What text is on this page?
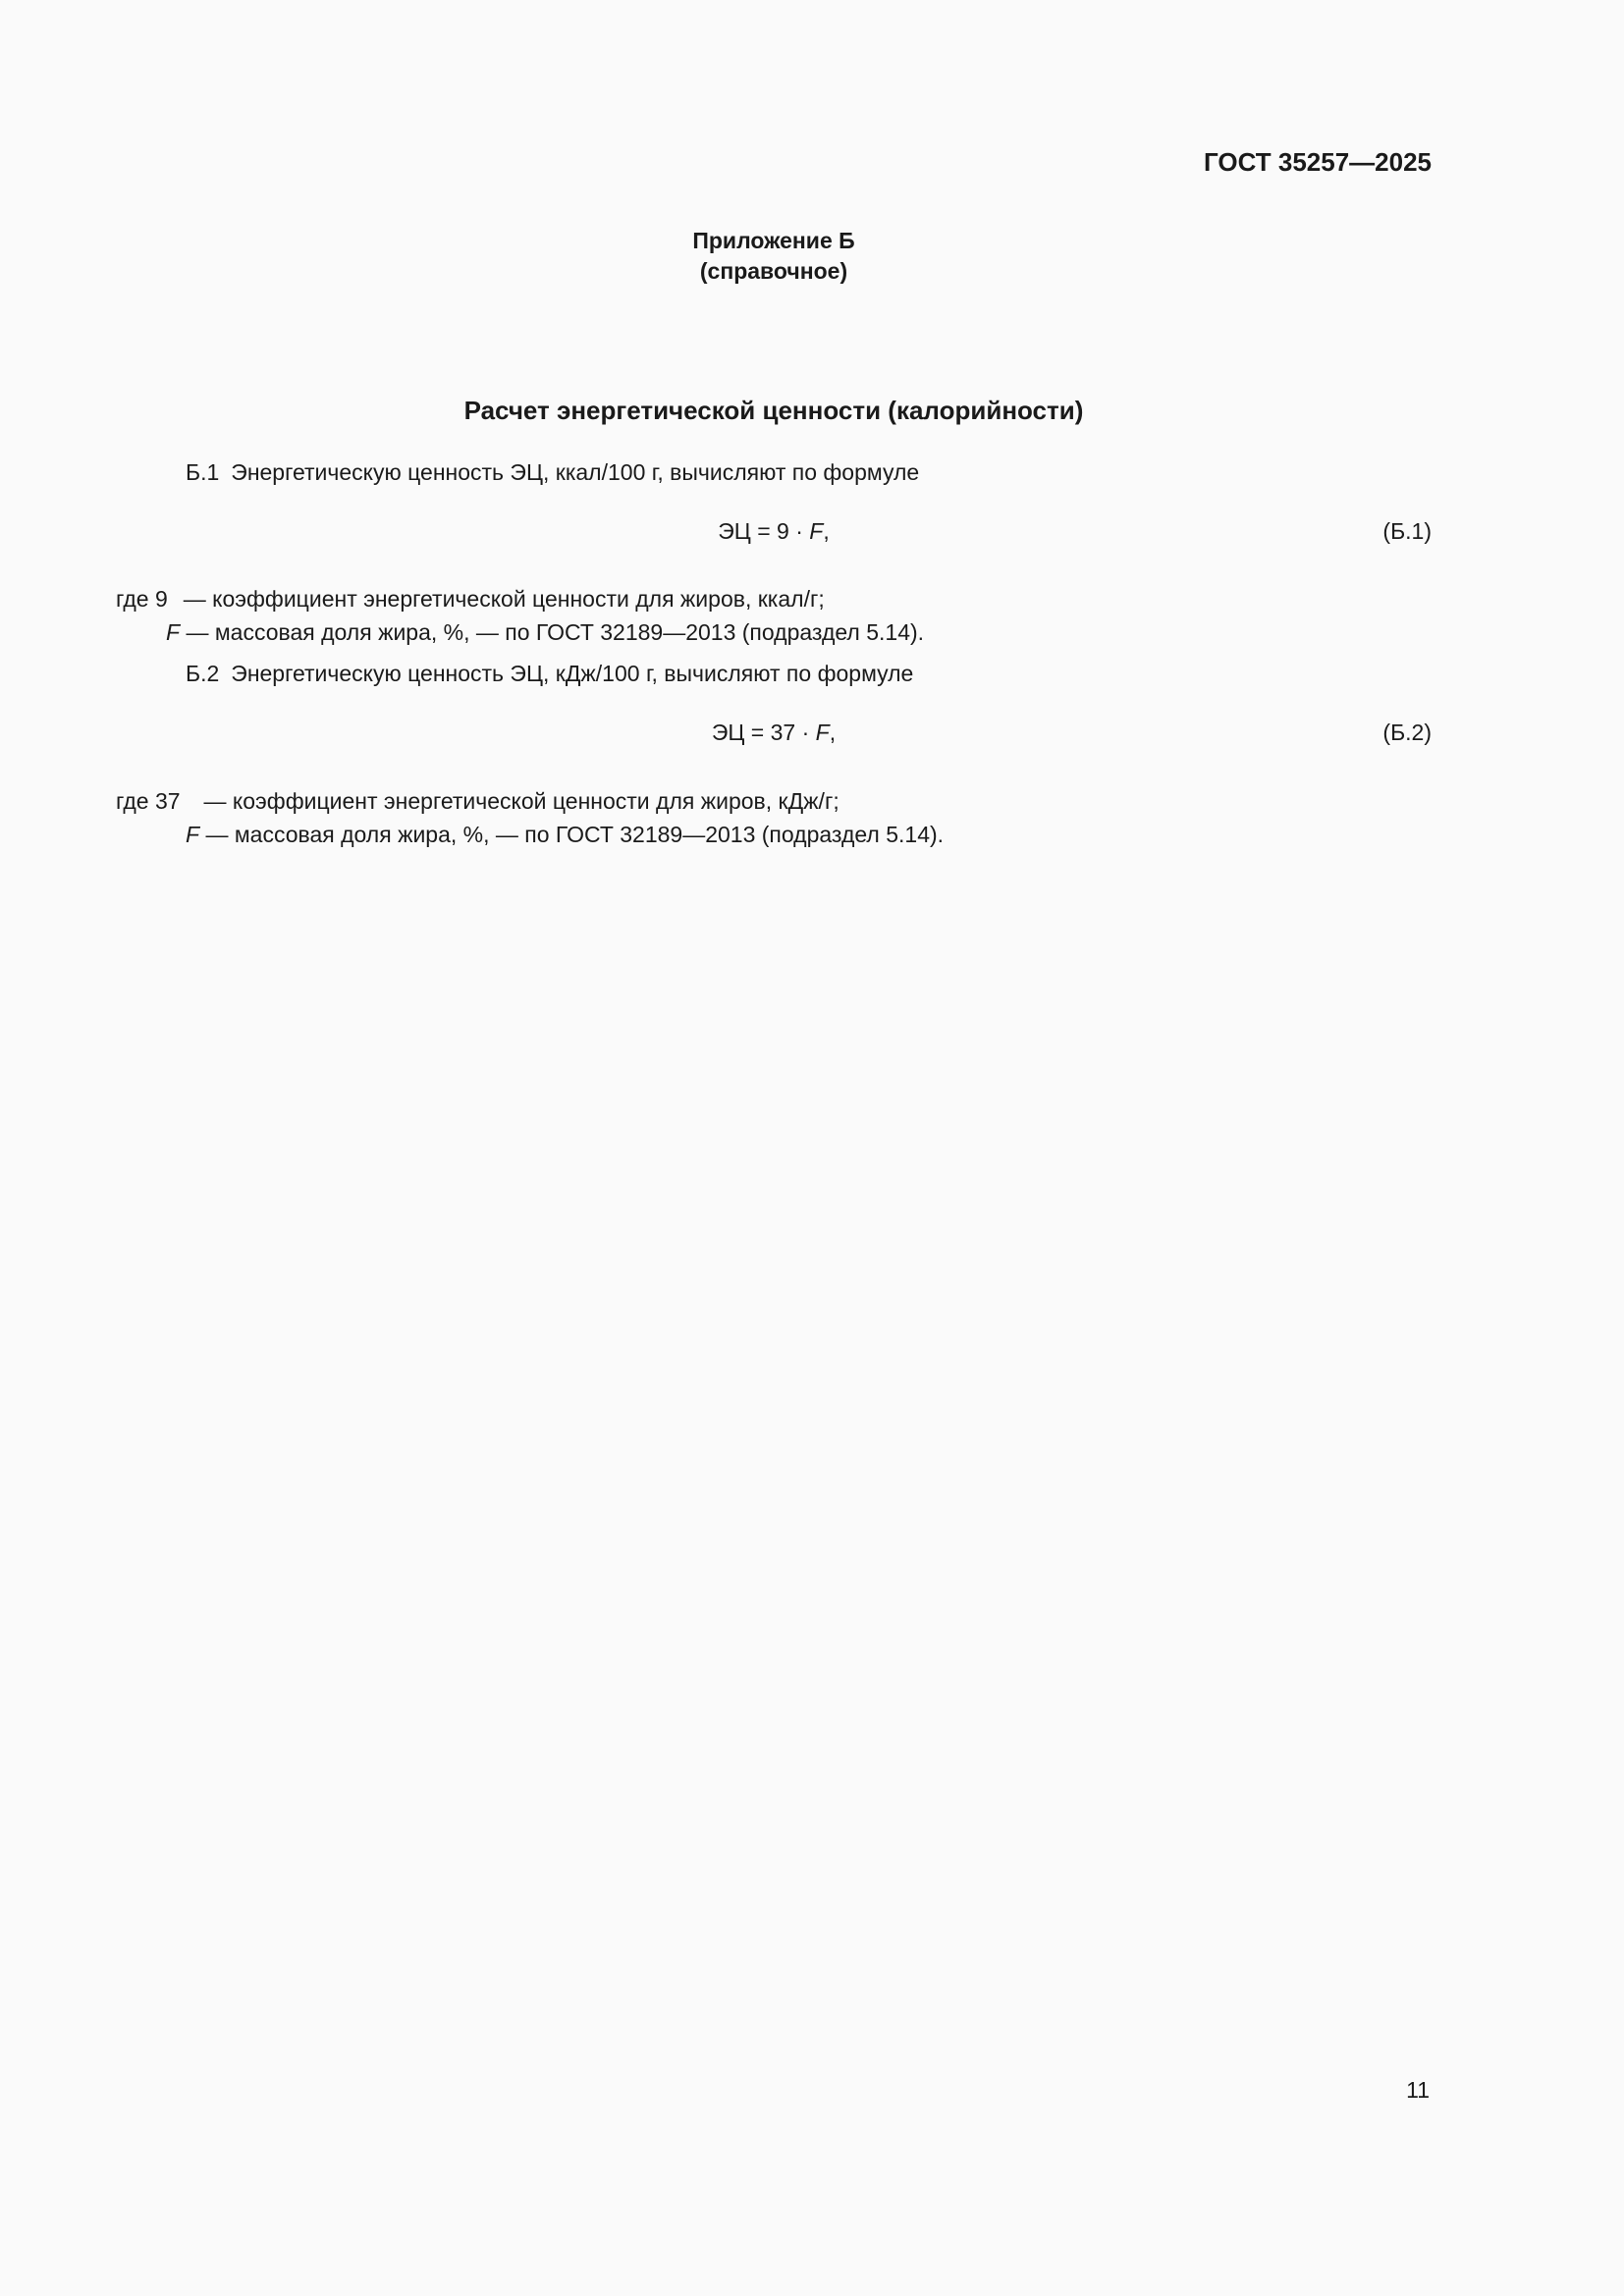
ГОСТ 35257—2025
Приложение Б
(справочное)
Расчет энергетической ценности (калорийности)
Б.1 Энергетическую ценность ЭЦ, ккал/100 г, вычисляют по формуле
ЭЦ = 9 · F,	(Б.1)
где 9 — коэффициент энергетической ценности для жиров, ккал/г;
F — массовая доля жира, %, — по ГОСТ 32189—2013 (подраздел 5.14).
Б.2 Энергетическую ценность ЭЦ, кДж/100 г, вычисляют по формуле
ЭЦ = 37 · F,	(Б.2)
где 37 — коэффициент энергетической ценности для жиров, кДж/г;
F — массовая доля жира, %, — по ГОСТ 32189—2013 (подраздел 5.14).
11
